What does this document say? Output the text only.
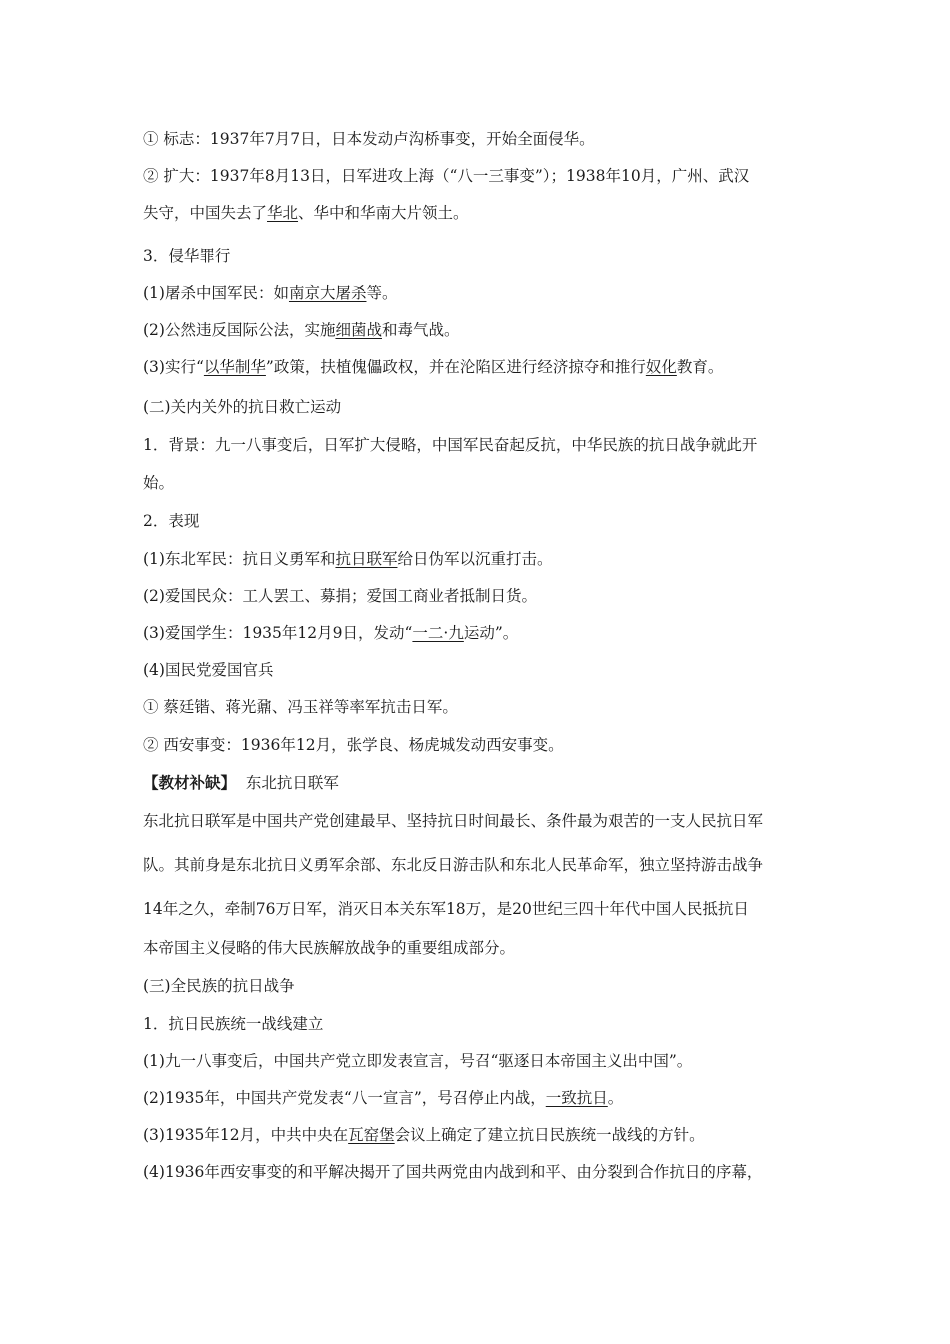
① 标志：1937年7月7日，日本发动卢沟桥事变，开始全面侵华。
② 扩大：1937年8月13日，日军进攻上海（“八一三事变”）；1938年10月，广州、武汉
失守，中国失去了华北、华中和华南大片领土。
3．侵华罪行
(1)屠杀中国军民：如南京大屠杀等。
(2)公然违反国际公法，实施细菌战和毒气战。
(3)实行“以华制华”政策，扶植傀儡政权，并在沦陷区进行经济掠夺和推行奴化教育。
(二)关内关外的抗日救亡运动
1．背景：九一八事变后，日军扩大侵略，中国军民奋起反抗，中华民族的抗日战争就此开
始。
2．表现
(1)东北军民：抗日义勇军和抗日联军给日伪军以沉重打击。
(2)爱国民众：工人罢工、募捐；爱国工商业者抵制日货。
(3)爱国学生：1935年12月9日，发动“一二·九运动”。
(4)国民党爱国官兵
① 蔡廷锴、蒋光鼐、冯玉祥等率军抗击日军。
② 西安事变：1936年12月，张学良、杨虎城发动西安事变。
【教材补缺】 东北抗日联军
东北抗日联军是中国共产党创建最早、坚持抗日时间最长、条件最为艰苦的一支人民抗日军
队。其前身是东北抗日义勇军余部、东北反日游击队和东北人民革命军，独立坚持游击战争
14年之久，牵制76万日军，消灭日本关东军18万，是20世纪三四十年代中国人民抵抗日
本帝国主义侵略的伟大民族解放战争的重要组成部分。
(三)全民族的抗日战争
1．抗日民族统一战线建立
(1)九一八事变后，中国共产党立即发表宣言，号召“驱逐日本帝国主义出中国”。
(2)1935年，中国共产党发表“八一宣言”，号召停止内战，一致抗日。
(3)1935年12月，中共中央在瓦窑堡会议上确定了建立抗日民族统一战线的方针。
(4)1936年西安事变的和平解决揭开了国共两党由内战到和平、由分裂到合作抗日的序幕，
